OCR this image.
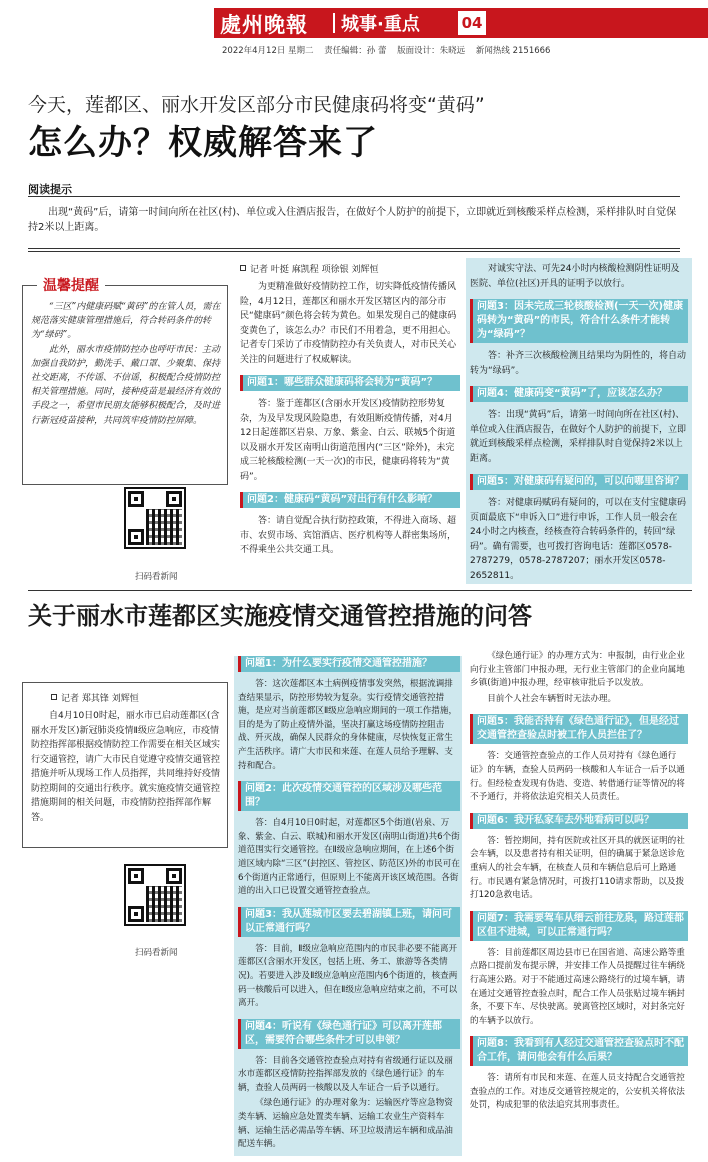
處州晚報 城事·重点	04
2022年4月12日 星期二 责任编辑：孙 蕾 版面设计：朱晓远 新闻热线 2151666
今天，莲都区、丽水开发区部分市民健康码将变“黄码”
怎么办？权威解答来了
阅读提示
出现“黄码”后，请第一时间向所在社区(村)、单位或入住酒店报告，在做好个人防护的前提下，立即就近到核酸采样点检测，采样排队时自觉保持2米以上距离。
温馨提醒

“三区”内健康码赋“黄码”的在管人员，需在规范落实健康管理措施后，符合转码条件的转为“绿码”。

此外，丽水市疫情防控办也呼吁市民：主动加强自我防护，勤洗手、戴口罩、少聚集、保持社交距离，不传谣、不信谣，积极配合疫情防控相关管理措施。同时，接种疫苗是最经济有效的手段之一，希望市民朋友能够积极配合，及时进行新冠疫苗接种，共同筑牢疫情防控屏障。

扫码看新闻
记者 叶挺 麻凯程 项徐银 刘辉恒

为更精准做好疫情防控工作，切实降低疫情传播风险，4月12日，莲都区和丽水开发区辖区内的部分市民“健康码”颜色将会转为黄色。如果发现自己的健康码变黄色了，该怎么办？市民们不用着急，更不用担心。记者专门采访了市疫情防控办有关负责人，对市民关心关注的问题进行了权威解读。

问题1：哪些群众健康码将会转为“黄码”？

答：鉴于莲都区(含丽水开发区)疫情防控形势复杂，为及早发现风险隐患，有效阻断疫情传播，对4月12日起莲都区岩泉、万象、紫金、白云、联城5个街道以及丽水开发区南明山街道范围内(“三区”除外)，未完成三轮核酸检测(一天一次)的市民，健康码将转为“黄码”。

问题2：健康码“黄码”对出行有什么影响？

答：请自觉配合执行防控政策，不得进入商场、超市、农贸市场、宾馆酒店、医疗机构等人群密集场所，不得乘坐公共交通工具。

对诚实守法、可先24小时内核酸检测阴性证明及医院、单位(社区)开具的证明予以放行。

问题3：因未完成三轮核酸检测(一天一次)健康码转为“黄码”的市民，符合什么条件才能转为“绿码”？

答：补齐三次核酸检测且结果均为阴性的，将自动转为“绿码”。

问题4：健康码变“黄码”了，应该怎么办？

答：出现“黄码”后，请第一时间向所在社区(村)、单位或入住酒店报告，在做好个人防护的前提下，立即就近到核酸采样点检测，采样排队时自觉保持2米以上距离。

问题5：对健康码有疑问的，可以向哪里咨询？

答：对健康码赋码有疑问的，可以在支付宝健康码页面最底下“申诉入口”进行申诉，工作人员一般会在24小时之内核查，经核查符合转码条件的，转回“绿码”。确有需要，也可拨打咨询电话：莲都区0578-2787279，0578-2787207；丽水开发区0578-2652811。

关于丽水市莲都区实施疫情交通管控措施的问答
记者 郑其锋 刘辉恒

自4月10日0时起，丽水市已启动莲都区(含丽水开发区)新冠肺炎疫情Ⅱ级应急响应，市疫情防控指挥部根据疫情防控工作需要在相关区域实行交通管控，请广大市民自觉遵守疫情交通管控措施并听从现场工作人员指挥，共同维持好疫情防控期间的交通出行秩序。就实施疫情交通管控措施期间的相关问题，市疫情防控指挥部作解答。

扫码看新闻
问题1：为什么要实行疫情交通管控措施？

答：这次莲都区本土病例疫情事发突然，根据流调排查结果显示，防控形势较为复杂。实行疫情交通管控措施，是应对当前莲都区Ⅱ级应急响应期间的一项工作措施，目的是为了防止疫情外溢，坚决打赢这场疫情防控阻击战、歼灭战，确保人民群众的身体健康，尽快恢复正常生产生活秩序。请广大市民和来莲、在莲人员给予理解、支持和配合。

问题2：此次疫情交通管控的区域涉及哪些范围？

答：自4月10日0时起，对莲都区5个街道(岩泉、万象、紫金、白云、联城)和丽水开发区(南明山街道)共6个街道范围实行交通管控。在Ⅱ级应急响应期间，在上述6个街道区域内除“三区”(封控区、管控区、防范区)外的市民可在6个街道内正常通行，但原则上不能离开该区域范围。各街道的出入口已设置交通管控查验点。

问题3：我从莲城市区要去碧湖镇上班，请问可以正常通行吗？

答：目前，Ⅱ级应急响应范围内的市民非必要不能离开莲都区(含丽水开发区，包括上班、务工、旅游等各类情况)。若要进入涉及Ⅱ级应急响应范围内6个街道的，核查两码一核酸后可以进入，但在Ⅱ级应急响应结束之前，不可以离开。

问题4：听说有《绿色通行证》可以离开莲都区，需要符合哪些条件才可以申领？

答：目前各交通管控查验点对持有省级通行证以及丽水市莲都区疫情防控指挥部发放的《绿色通行证》的车辆，查验人员两码一核酸以及人车证合一后予以通行。

《绿色通行证》的办理对象为：运输医疗等应急物资类车辆、运输应急处置类车辆、运输工农业生产资料车辆、运输生活必需品等车辆、环卫垃圾清运车辆和成品油配送车辆。

《绿色通行证》的办理方式为：申报制，由行业企业向行业主管部门申报办理，无行业主管部门的企业向属地乡镇(街道)申报办理，经审核审批后予以发放。

目前个人社会车辆暂时无法办理。

问题5：我能否持有《绿色通行证》，但是经过交通管控查验点时被工作人员拦住了？

答：交通管控查验点的工作人员对持有《绿色通行证》的车辆，查验人员两码一核酸和人车证合一后予以通行。但经检查发现有伪造、变造、转借通行证等情况的将不予通行，并将依法追究相关人员责任。

问题6：我开私家车去外地看病可以吗？

答：暂控期间，持有医院或社区开具的就医证明的社会车辆，以及患者持有相关证明，但的确属于紧急送诊危重病人的社会车辆，在核查人员和车辆信息后可上路通行。市民遇有紧急情况时，可拨打110请求帮助，以及拨打120急救电话。

问题7：我需要驾车从缙云前往龙泉，路过莲都区但不进城，可以正常通行吗？

答：目前莲都区周边县市已在国省道、高速公路等重点路口提前发布提示牌，并安排工作人员提醒过往车辆绕行高速公路。对于不能通过高速公路绕行的过境车辆，请在通过交通管控查验点时，配合工作人员张贴过境车辆封条，不要下车、尽快驶离。驶离管控区域时，对封条完好的车辆予以放行。

问题8：我看到有人经过交通管控查验点时不配合工作，请问他会有什么后果？

答：请所有市民和来莲、在莲人员支持配合交通管控查验点的工作。对违反交通管控规定的，公安机关将依法处罚，构成犯罪的依法追究其刑事责任。
